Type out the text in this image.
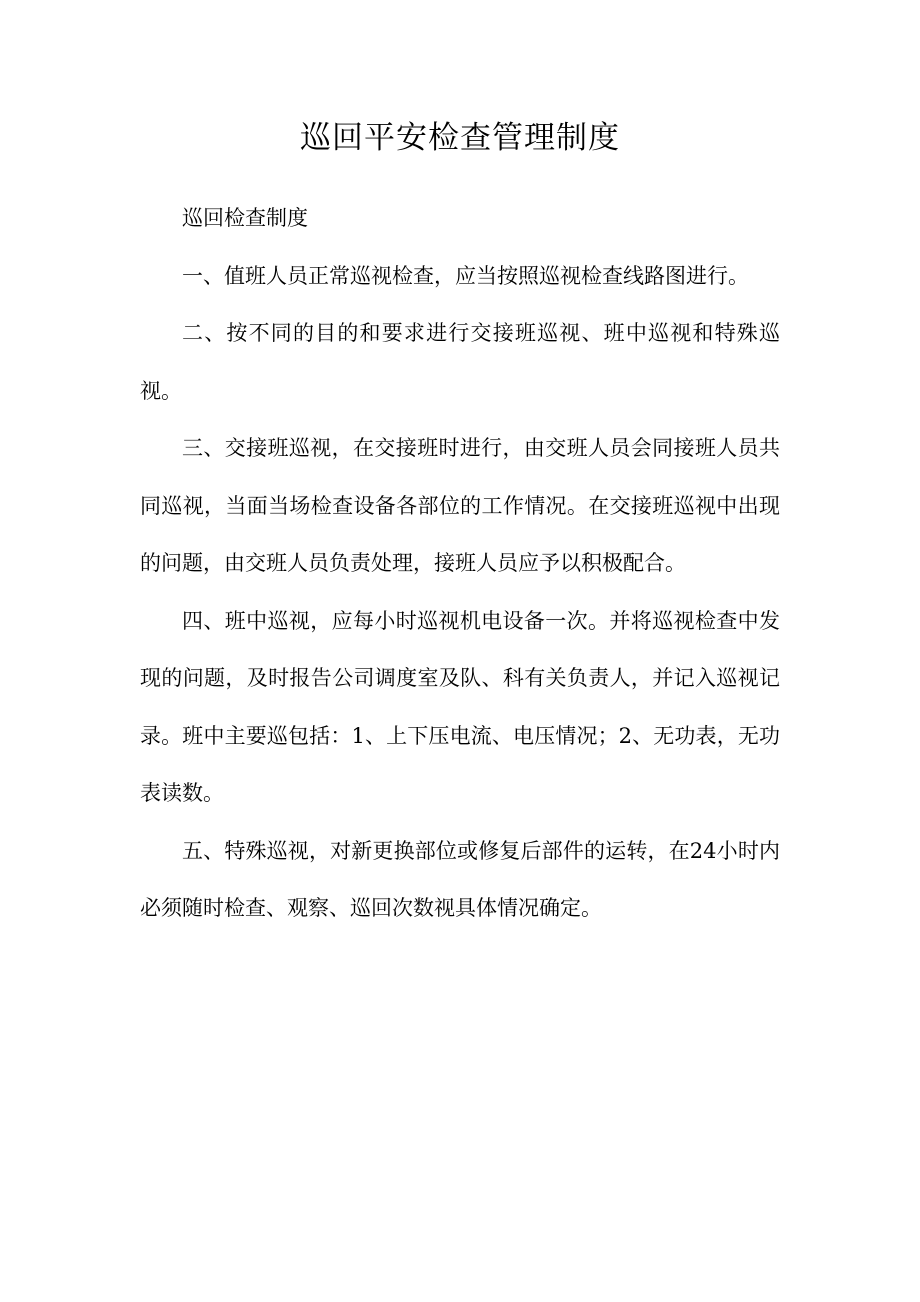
巡回平安检查管理制度

巡回检查制度

一、值班人员正常巡视检查，应当按照巡视检查线路图进行。

二、按不同的目的和要求进行交接班巡视、班中巡视和特殊巡视。

三、交接班巡视，在交接班时进行，由交班人员会同接班人员共同巡视，当面当场检查设备各部位的工作情况。在交接班巡视中出现的问题，由交班人员负责处理，接班人员应予以积极配合。

四、班中巡视，应每小时巡视机电设备一次。并将巡视检查中发现的问题，及时报告公司调度室及队、科有关负责人，并记入巡视记录。班中主要巡包括：1、上下压电流、电压情况；2、无功表，无功表读数。

五、特殊巡视，对新更换部位或修复后部件的运转，在24小时内必须随时检查、观察、巡回次数视具体情况确定。
